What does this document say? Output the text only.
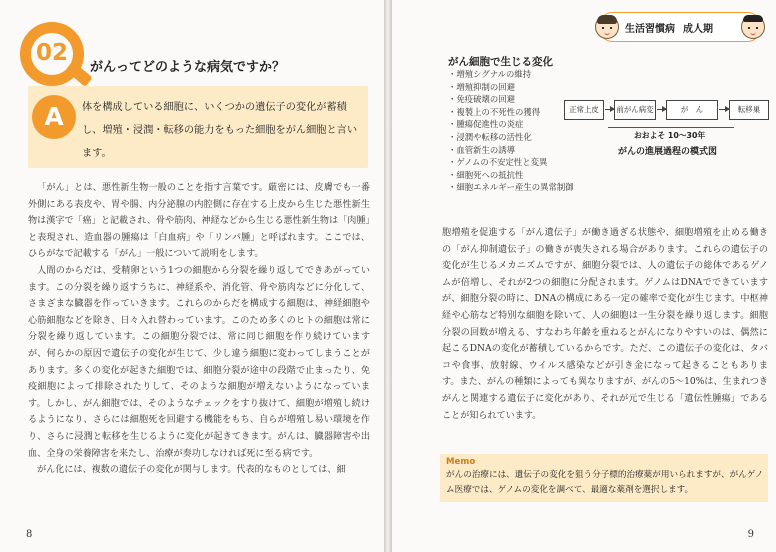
02
がんってどのような病気ですか？
A	体を構成している細胞に、いくつかの遺伝子の変化が蓄積し、増殖・浸潤・転移の能力をもった細胞をがん細胞と言います。

「がん」とは、悪性新生物一般のことを指す言葉です。厳密には、皮膚でも一番外側にある表皮や、胃や腸、内分泌腺の内腔側に存在する上皮から生じた悪性新生物は漢字で「癌」と記載され、骨や筋肉、神経などから生じる悪性新生物は「肉腫」と表現され、造血器の腫瘍は「白血病」や「リンパ腫」と呼ばれます。ここでは、ひらがなで記載する「がん」一般について説明をします。

人間のからだは、受精卵という1つの細胞から分裂を繰り返してできあがっています。この分裂を繰り返すうちに、神経系や、消化管、骨や筋肉などに分化して、さまざまな臓器を作っていきます。これらのからだを構成する細胞は、神経細胞や心筋細胞などを除き、日々入れ替わっています。このため多くのヒトの細胞は常に分裂を繰り返しています。この細胞分裂では、常に同じ細胞を作り続けていますが、何らかの原因で遺伝子の変化が生じて、少し違う細胞に変わってしまうことがあります。多くの変化が起きた細胞では、細胞分裂が途中の段階で止まったり、免疫細胞によって排除されたりして、そのような細胞が増えないようになっています。しかし、がん細胞では、そのようなチェックをすり抜けて、細胞が増殖し続けるようになり、さらには細胞死を回避する機能をもち、自らが増殖し易い環境を作り、さらに浸潤と転移を生じるように変化が起きてきます。がんは、臓器障害や出血、全身の栄養障害を来たし、治療が奏功しなければ死に至る病です。

がん化には、複数の遺伝子の変化が関与します。代表的なものとしては、細

8
生活習慣病 成人期
がん細胞で生じる変化
・ 増殖シグナルの維持
・ 増殖抑制の回避
・ 免疫破壊の回避
・ 複製上の不死性の獲得
・ 腫瘍促進性の炎症
・ 浸潤や転移の活性化
・ 血管新生の誘導
・ ゲノムの不安定性と変異
・ 細胞死への抵抗性
・ 細胞エネルギー産生の異常制御
正常上皮	前がん病変	が　ん	転移巣
おおよそ 10〜30年
がんの進展過程の模式図
胞増殖を促進する「がん遺伝子」が働き過ぎる状態や、細胞増殖を止める働きの「がん抑制遺伝子」の働きが喪失される場合があります。これらの遺伝子の変化が生じるメカニズムですが、細胞分裂では、人の遺伝子の総体であるゲノムが倍増し、それが2つの細胞に分配されます。ゲノムはDNAでできていますが、細胞分裂の時に、DNAの構成にある一定の確率で変化が生じます。中枢神経や心筋など特別な細胞を除いて、人の細胞は一生分裂を繰り返します。細胞分裂の回数が増える、すなわち年齢を重ねるとがんになりやすいのは、偶然に起こるDNAの変化が蓄積しているからです。ただ、この遺伝子の変化は、タバコや食事、放射線、ウイルス感染などが引き金になって起きることもあります。また、がんの種類によっても異なりますが、がんの5〜10%は、生まれつきがんと関連する遺伝子に変化があり、それが元で生じる「遺伝性腫瘍」であることが知られています。
Memo
がんの治療には、遺伝子の変化を狙う分子標的治療薬が用いられますが、がんゲノム医療では、ゲノムの変化を調べて、最適な薬剤を選択します。
9
